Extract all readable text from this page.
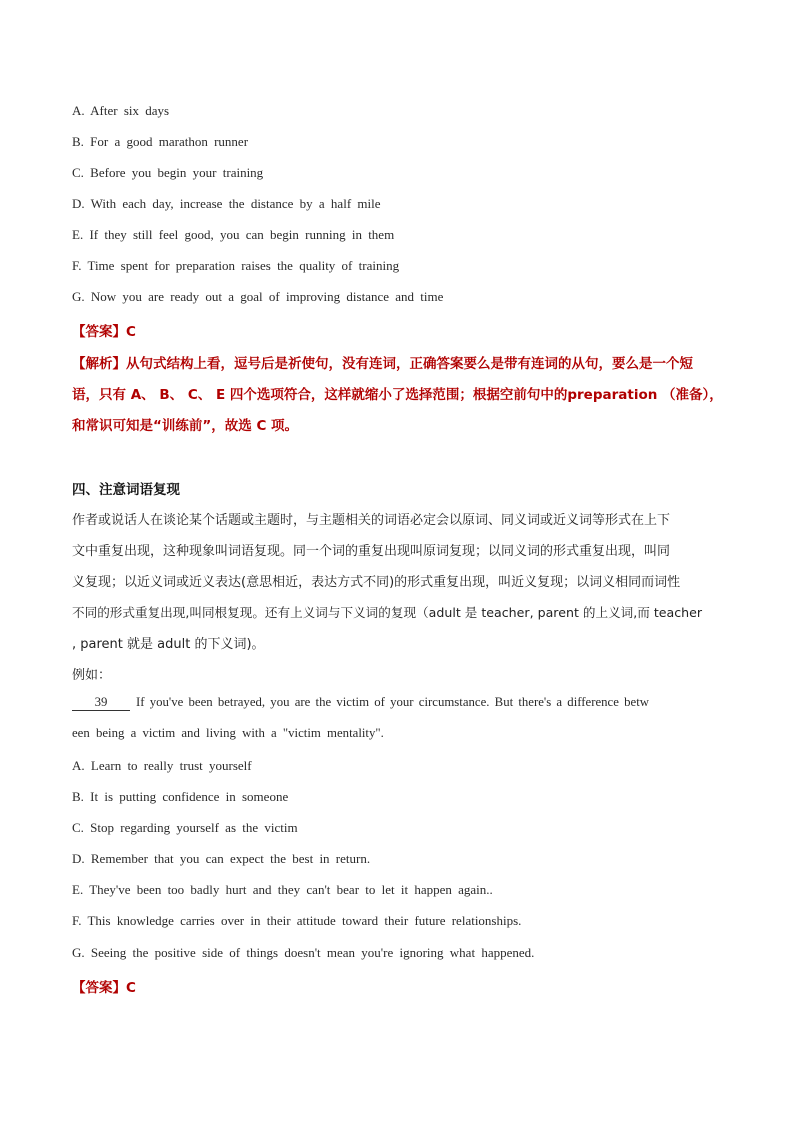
A. After six days
B. For a good marathon runner
C. Before you begin your training
D. With each day, increase the distance by a half mile
E. If they still feel good, you can begin running in them
F. Time spent for preparation raises the quality of training
G. Now you are ready out a goal of improving distance and time
【答案】C
【解析】从句式结构上看，逗号后是祈使句，没有连词，正确答案要么是带有连词的从句，要么是一个短
语，只有 A、 B、 C、 E 四个选项符合，这样就缩小了选择范围；根据空前句中的preparation （准备），
和常识可知是“训练前”，故选 C 项。
四、注意词语复现
作者或说话人在谈论某个话题或主题时，与主题相关的词语必定会以原词、同义词或近义词等形式在上下
文中重复出现，这种现象叫词语复现。同一个词的重复出现叫原词复现；以同义词的形式重复出现，叫同
义复现；以近义词或近义表达(意思相近，表达方式不同)的形式重复出现，叫近义复现；以词义相同而词性
不同的形式重复出现,叫同根复现。还有上义词与下义词的复现（adult 是 teacher, parent 的上义词,而 teacher
, parent 就是 adult 的下义词)。
例如：
39 If you've been betrayed, you are the victim of your circumstance. But there's a difference betw
een being a victim and living with a "victim mentality".
A. Learn to really trust yourself
B. It is putting confidence in someone
C. Stop regarding yourself as the victim
D. Remember that you can expect the best in return.
E. They've been too badly hurt and they can't bear to let it happen again..
F. This knowledge carries over in their attitude toward their future relationships.
G. Seeing the positive side of things doesn't mean you're ignoring what happened.
【答案】C
